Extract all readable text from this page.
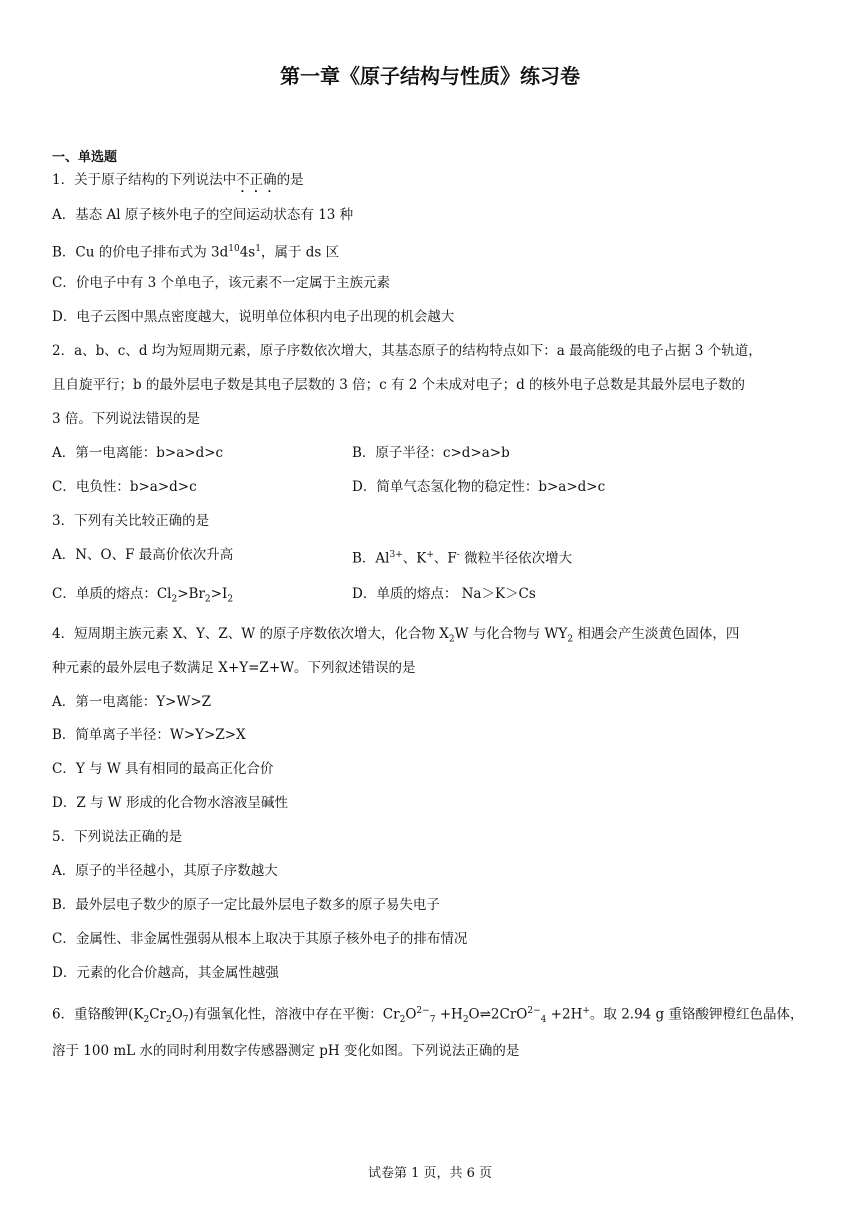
第一章《原子结构与性质》练习卷
一、单选题
1．关于原子结构的下列说法中不正确的是
A．基态 Al 原子核外电子的空间运动状态有 13 种
B．Cu 的价电子排布式为 $3d^{10}4s^1$，属于 ds 区
C．价电子中有 3 个单电子，该元素不一定属于主族元素
D．电子云图中黑点密度越大，说明单位体积内电子出现的机会越大
2．a、b、c、d 均为短周期元素，原子序数依次增大，其基态原子的结构特点如下：a 最高能级的电子占据 3 个轨道，
且自旋平行；b 的最外层电子数是其电子层数的 3 倍；c 有 2 个未成对电子；d 的核外电子总数是其最外层电子数的
3 倍。下列说法错误的是
A．第一电离能：b>a>d>c	B．原子半径：c>d>a>b
C．电负性：b>a>d>c	D．简单气态氢化物的稳定性：b>a>d>c
3．下列有关比较正确的是
A．N、O、F 最高价依次升高	B．$Al^{3+}$、K+、F- 微粒半径依次增大
C．单质的熔点：$Cl_2>Br_2>I_2$	D．单质的熔点： Na＞K＞Cs
4．短周期主族元素 X、Y、Z、W 的原子序数依次增大，化合物 $X_2W$ 与化合物与 $WY_2$ 相遇会产生淡黄色固体，四
种元素的最外层电子数满足 X+Y=Z+W。下列叙述错误的是
A．第一电离能：Y>W>Z
B．简单离子半径：W>Y>Z>X
C．Y 与 W 具有相同的最高正化合价
D．Z 与 W 形成的化合物水溶液呈碱性
5．下列说法正确的是
A．原子的半径越小，其原子序数越大
B．最外层电子数少的原子一定比最外层电子数多的原子易失电子
C．金属性、非金属性强弱从根本上取决于其原子核外电子的排布情况
D．元素的化合价越高，其金属性越强
6．重铬酸钾$(K_2Cr_2O_7)$有强氧化性，溶液中存在平衡：$Cr_2O^{2-}_7$ $+H_2O\rightleftharpoons 2CrO^{2-}_4 +2H^+$。取 2.94 g 重铬酸钾橙红色晶体，
溶于 100 mL 水的同时利用数字传感器测定 pH 变化如图。下列说法正确的是
试卷第 1 页，共 6 页
